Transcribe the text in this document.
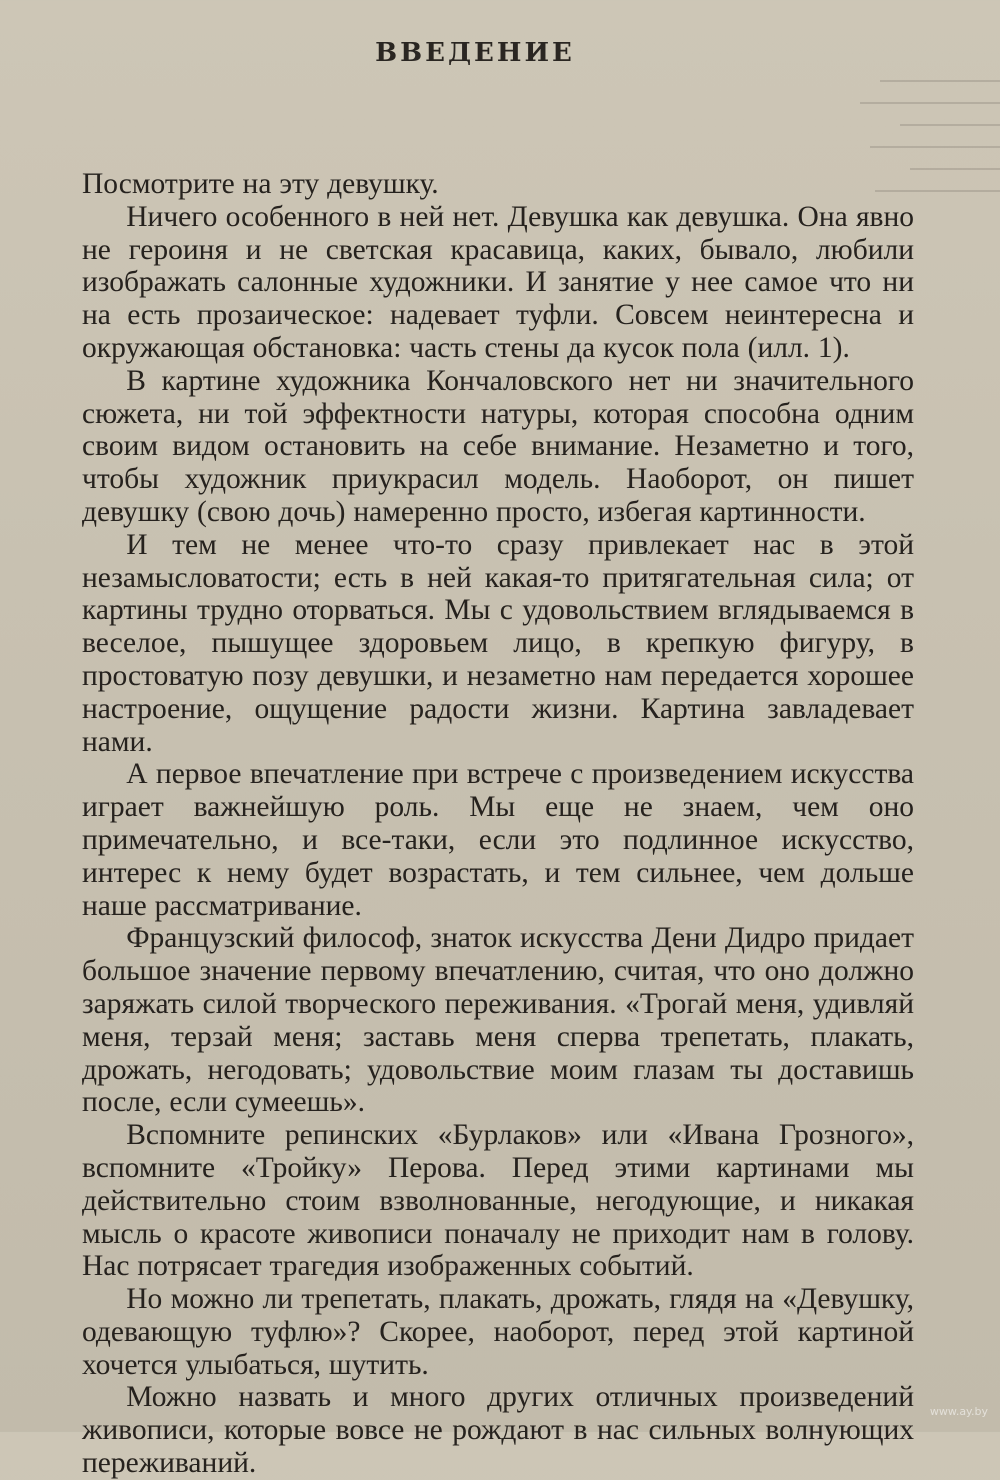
ВВЕДЕНИЕ

Посмотрите на эту девушку.

Ничего особенного в ней нет. Девушка как девушка. Она явно не героиня и не светская красавица, каких, бывало, любили изображать салонные художники. И занятие у нее самое что ни на есть прозаическое: надевает туфли. Совсем неинтересна и окружающая обстановка: часть стены да кусок пола (илл. 1).

В картине художника Кончаловского нет ни значительного сюжета, ни той эффектности натуры, которая способна одним своим видом остановить на себе внимание. Незаметно и того, чтобы художник приукрасил модель. Наоборот, он пишет девушку (свою дочь) намеренно просто, избегая картинности.

И тем не менее что-то сразу привлекает нас в этой незамысловатости; есть в ней какая-то притягательная сила; от картины трудно оторваться. Мы с удовольствием вглядываемся в веселое, пышущее здоровьем лицо, в крепкую фигуру, в простоватую позу девушки, и незаметно нам передается хорошее настроение, ощущение радости жизни. Картина завладевает нами.

А первое впечатление при встрече с произведением искусства играет важнейшую роль. Мы еще не знаем, чем оно примечательно, и все-таки, если это подлинное искусство, интерес к нему будет возрастать, и тем сильнее, чем дольше наше рассматривание.

Французский философ, знаток искусства Дени Дидро придает большое значение первому впечатлению, считая, что оно должно заряжать силой творческого переживания. «Трогай меня, удивляй меня, терзай меня; заставь меня сперва трепетать, плакать, дрожать, негодовать; удовольствие моим глазам ты доставишь после, если сумеешь».

Вспомните репинских «Бурлаков» или «Ивана Грозного», вспомните «Тройку» Перова. Перед этими картинами мы действительно стоим взволнованные, негодующие, и никакая мысль о красоте живописи поначалу не приходит нам в голову. Нас потрясает трагедия изображенных событий.

Но можно ли трепетать, плакать, дрожать, глядя на «Девушку, одевающую туфлю»? Скорее, наоборот, перед этой картиной хочется улыбаться, шутить.

Можно назвать и много других отличных произведений живописи, которые вовсе не рождают в нас сильных волнующих переживаний.

www.ay.by
